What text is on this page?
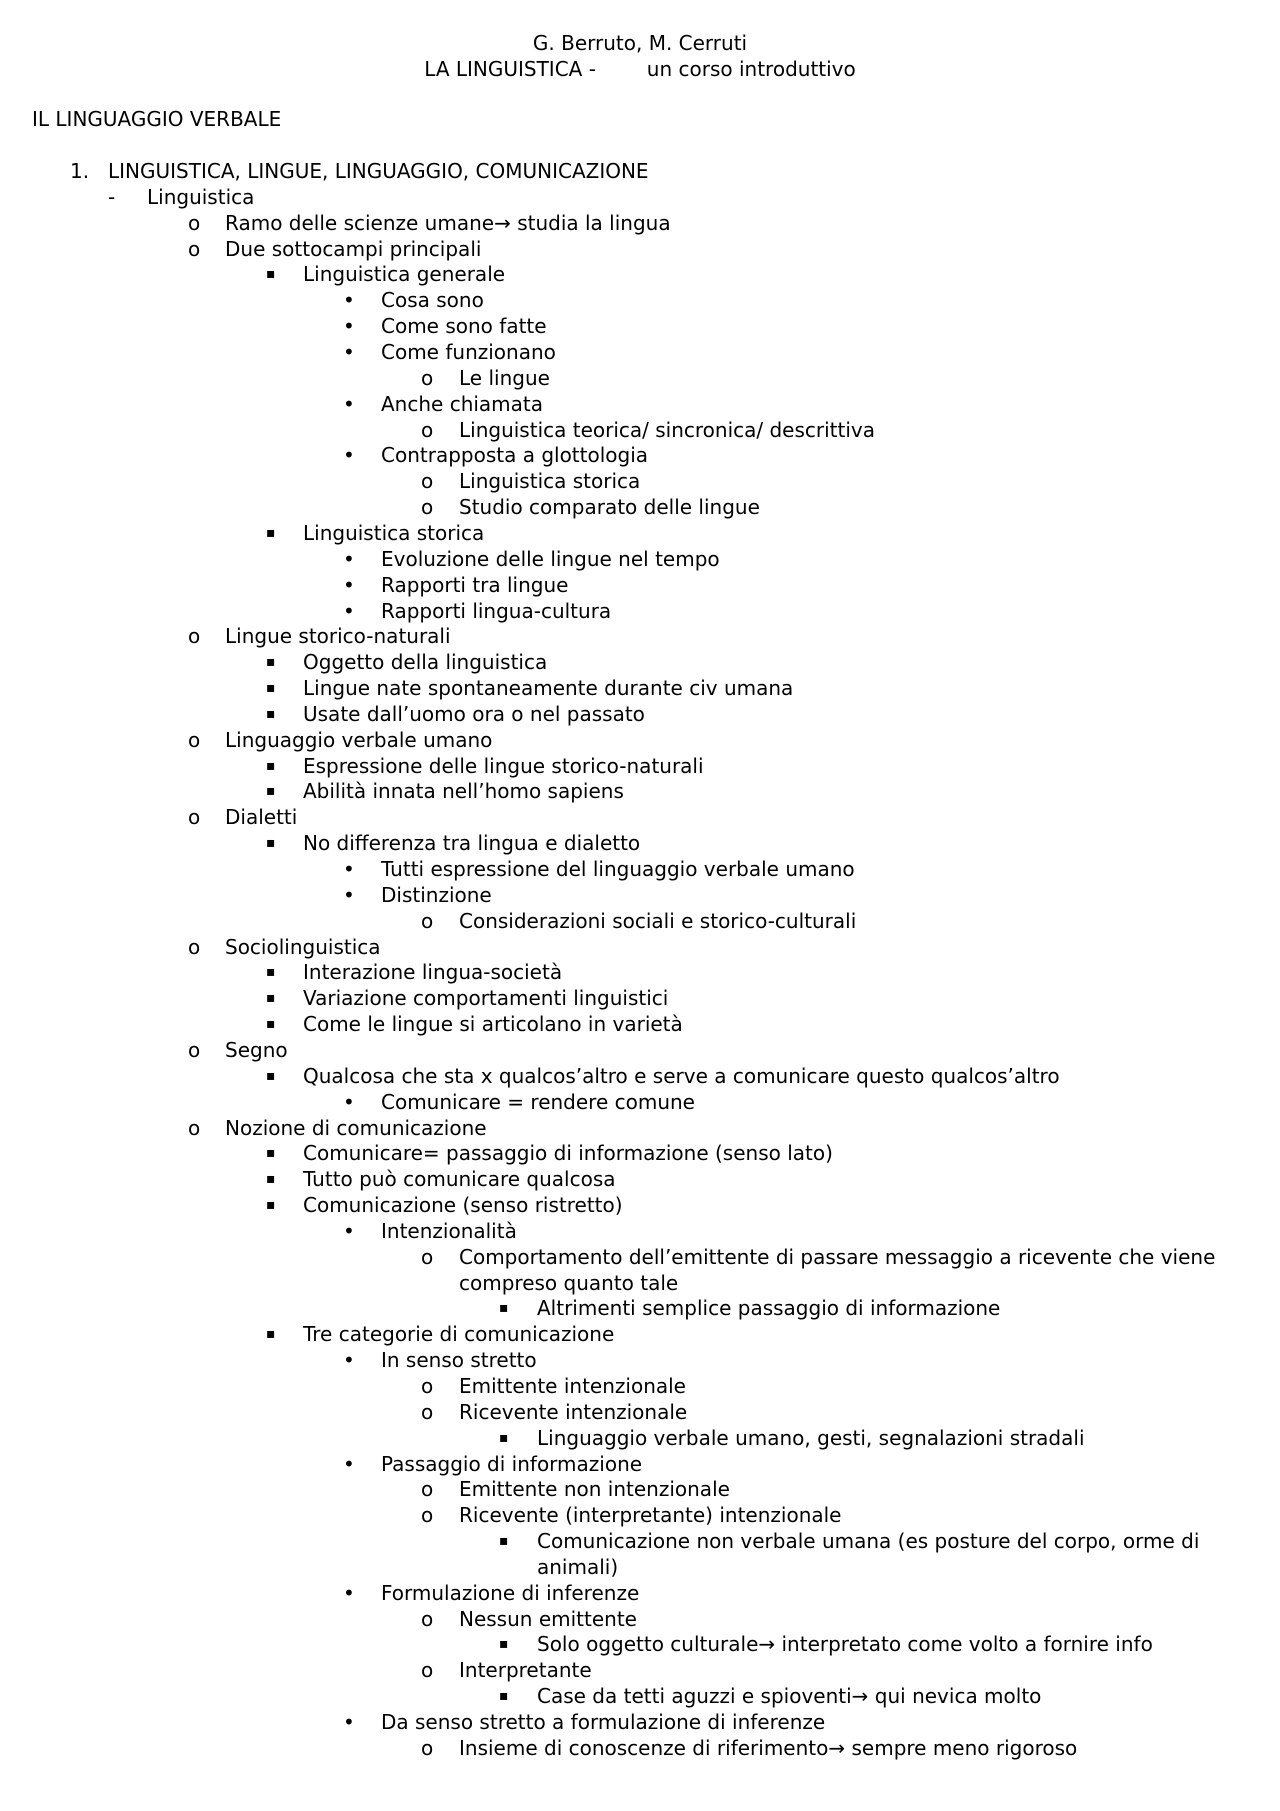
G. Berruto, M. Cerruti
LA LINGUISTICA -	un corso introduttivo
IL LINGUAGGIO VERBALE
1. LINGUISTICA, LINGUE, LINGUAGGIO, COMUNICAZIONE
- Linguistica
o Ramo delle scienze umane→ studia la lingua
o Due sottocampi principali
▪ Linguistica generale
• Cosa sono
• Come sono fatte
• Come funzionano
o Le lingue
• Anche chiamata
o Linguistica teorica/ sincronica/ descrittiva
• Contrapposta a glottologia
o Linguistica storica
o Studio comparato delle lingue
▪ Linguistica storica
• Evoluzione delle lingue nel tempo
• Rapporti tra lingue
• Rapporti lingua-cultura
o Lingue storico-naturali
▪ Oggetto della linguistica
▪ Lingue nate spontaneamente durante civ umana
▪ Usate dall’uomo ora o nel passato
o Linguaggio verbale umano
▪ Espressione delle lingue storico-naturali
▪ Abilità innata nell’homo sapiens
o Dialetti
▪ No differenza tra lingua e dialetto
• Tutti espressione del linguaggio verbale umano
• Distinzione
o Considerazioni sociali e storico-culturali
o Sociolinguistica
▪ Interazione lingua-società
▪ Variazione comportamenti linguistici
▪ Come le lingue si articolano in varietà
o Segno
▪ Qualcosa che sta x qualcos’altro e serve a comunicare questo qualcos’altro
• Comunicare = rendere comune
o Nozione di comunicazione
▪ Comunicare= passaggio di informazione (senso lato)
▪ Tutto può comunicare qualcosa
▪ Comunicazione (senso ristretto)
• Intenzionalità
o Comportamento dell’emittente di passare messaggio a ricevente che viene compreso quanto tale
▪ Altrimenti semplice passaggio di informazione
▪ Tre categorie di comunicazione
• In senso stretto
o Emittente intenzionale
o Ricevente intenzionale
▪ Linguaggio verbale umano, gesti, segnalazioni stradali
• Passaggio di informazione
o Emittente non intenzionale
o Ricevente (interpretante) intenzionale
▪ Comunicazione non verbale umana (es posture del corpo, orme di animali)
• Formulazione di inferenze
o Nessun emittente
▪ Solo oggetto culturale→ interpretato come volto a fornire info
o Interpretante
▪ Case da tetti aguzzi e spioventi→ qui nevica molto
• Da senso stretto a formulazione di inferenze
o Insieme di conoscenze di riferimento→ sempre meno rigoroso
